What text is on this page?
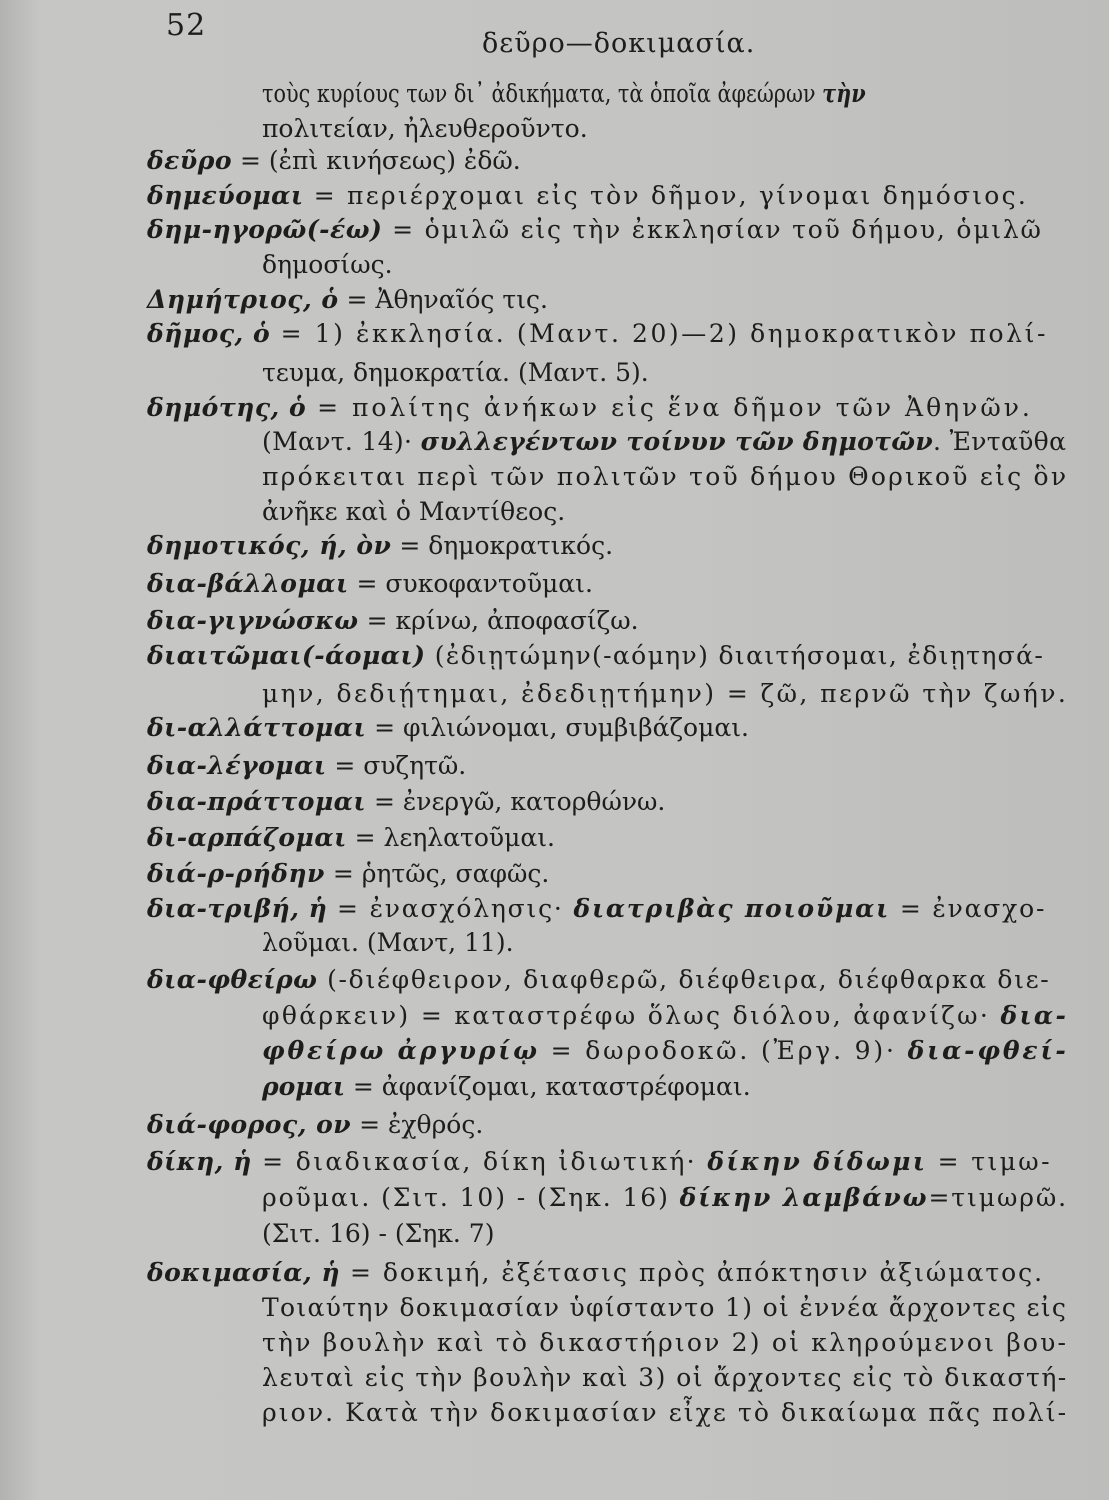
52
δεῦρο—δοκιμασία.
τοὺς κυρίους των δι᾽ ἀδικήματα, τὰ ὁποῖα ἀφεώρων τὴν
πολιτείαν, ἠλευθεροῦντο.
δεῦρο = (ἐπὶ κινήσεως) ἐδῶ.
δημεύομαι = περιέρχομαι εἰς τὸν δῆμον, γίνομαι δημόσιος.
δημ-ηγορῶ(-έω) = ὁμιλῶ εἰς τὴν ἐκκλησίαν τοῦ δήμου, ὁμιλῶ
δημοσίως.
Δημήτριος, ὁ = Ἀθηναῖός τις.
δῆμος, ὁ = 1) ἐκκλησία. (Μαντ. 20)—2) δημοκρατικὸν πολί-
τευμα, δημοκρατία. (Μαντ. 5).
δημότης, ὁ = πολίτης ἀνήκων εἰς ἕνα δῆμον τῶν Ἀθηνῶν.
(Μαντ. 14)· συλλεγέντων τοίνυν τῶν δημοτῶν. Ἐνταῦθα
πρόκειται περὶ τῶν πολιτῶν τοῦ δήμου Θορικοῦ εἰς ὃν
ἀνῆκε καὶ ὁ Μαντίθεος.
δημοτικός, ή, ὸν = δημοκρατικός.
δια-βάλλομαι = συκοφαντοῦμαι.
δια-γιγνώσκω = κρίνω, ἀποφασίζω.
διαιτῶμαι(-άομαι) (ἐδιῃτώμην(-αόμην) διαιτήσομαι, ἐδιῃτησά-
μην, δεδιῄτημαι, ἐδεδιῃτήμην) = ζῶ, περνῶ τὴν ζωήν.
δι-αλλάττομαι = φιλιώνομαι, συμβιβάζομαι.
δια-λέγομαι = συζητῶ.
δια-πράττομαι = ἐνεργῶ, κατορθώνω.
δι-αρπάζομαι = λεηλατοῦμαι.
διά-ρ-ρήδην = ῥητῶς, σαφῶς.
δια-τριβή, ἡ = ἐνασχόλησις· διατριβὰς ποιοῦμαι = ἐνασχο-
λοῦμαι. (Μαντ, 11).
δια-φθείρω (-διέφθειρον, διαφθερῶ, διέφθειρα, διέφθαρκα διε-
φθάρκειν) = καταστρέφω ὅλως διόλου, ἀφανίζω· δια-
φθείρω ἀργυρίῳ = δωροδοκῶ. (Ἐργ. 9)· δια-φθεί-
ρομαι = ἀφανίζομαι, καταστρέφομαι.
διά-φορος, ον = ἐχθρός.
δίκη, ἡ = διαδικασία, δίκη ἰδιωτική· δίκην δίδωμι = τιμω-
ροῦμαι. (Σιτ. 10) - (Σηκ. 16) δίκην λαμβάνω=τιμωρῶ.
(Σιτ. 16) - (Σηκ. 7)
δοκιμασία, ἡ = δοκιμή, ἐξέτασις πρὸς ἀπόκτησιν ἀξιώματος.
Τοιαύτην δοκιμασίαν ὑφίσταντο 1) οἱ ἐννέα ἄρχοντες εἰς
τὴν βουλὴν καὶ τὸ δικαστήριον 2) οἱ κληρούμενοι βου-
λευταὶ εἰς τὴν βουλὴν καὶ 3) οἱ ἄρχοντες εἰς τὸ δικαστή-
ριον. Κατὰ τὴν δοκιμασίαν εἶχε τὸ δικαίωμα πᾶς πολί-
